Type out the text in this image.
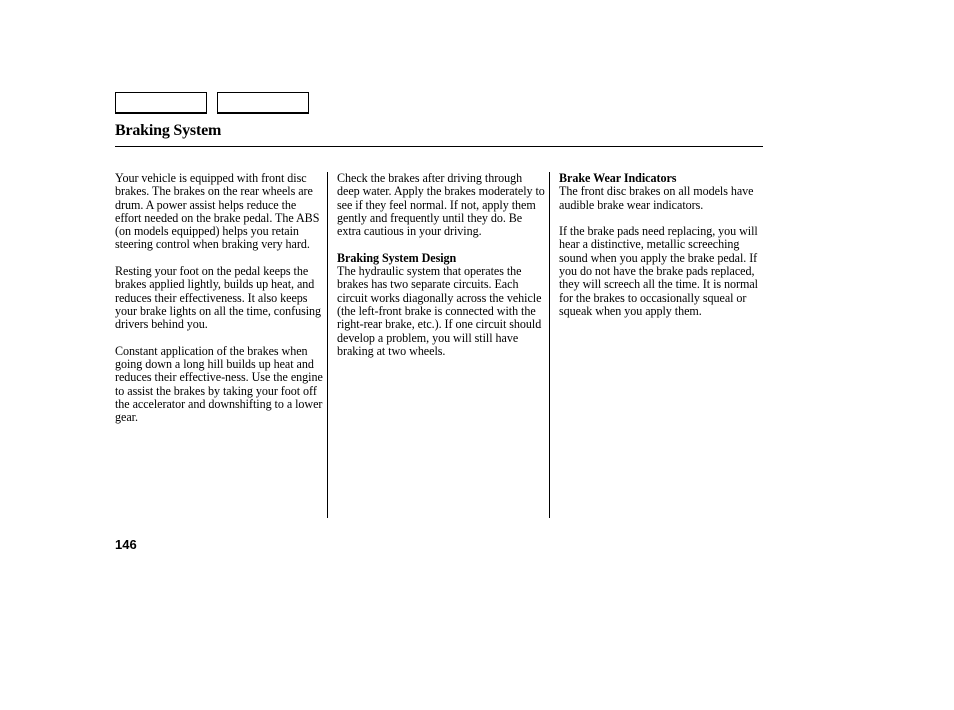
Braking System

Your vehicle is equipped with front disc brakes. The brakes on the rear wheels are drum. A power assist helps reduce the effort needed on the brake pedal. The ABS (on models equipped) helps you retain steering control when braking very hard.

Resting your foot on the pedal keeps the brakes applied lightly, builds up heat, and reduces their effectiveness. It also keeps your brake lights on all the time, confusing drivers behind you.

Constant application of the brakes when going down a long hill builds up heat and reduces their effective-ness. Use the engine to assist the brakes by taking your foot off the accelerator and downshifting to a lower gear.

Check the brakes after driving through deep water. Apply the brakes moderately to see if they feel normal. If not, apply them gently and frequently until they do. Be extra cautious in your driving.

Braking System Design
The hydraulic system that operates the brakes has two separate circuits. Each circuit works diagonally across the vehicle (the left-front brake is connected with the right-rear brake, etc.). If one circuit should develop a problem, you will still have braking at two wheels.

Brake Wear Indicators
The front disc brakes on all models have audible brake wear indicators.

If the brake pads need replacing, you will hear a distinctive, metallic screeching sound when you apply the brake pedal. If you do not have the brake pads replaced, they will screech all the time. It is normal for the brakes to occasionally squeal or squeak when you apply them.

146
